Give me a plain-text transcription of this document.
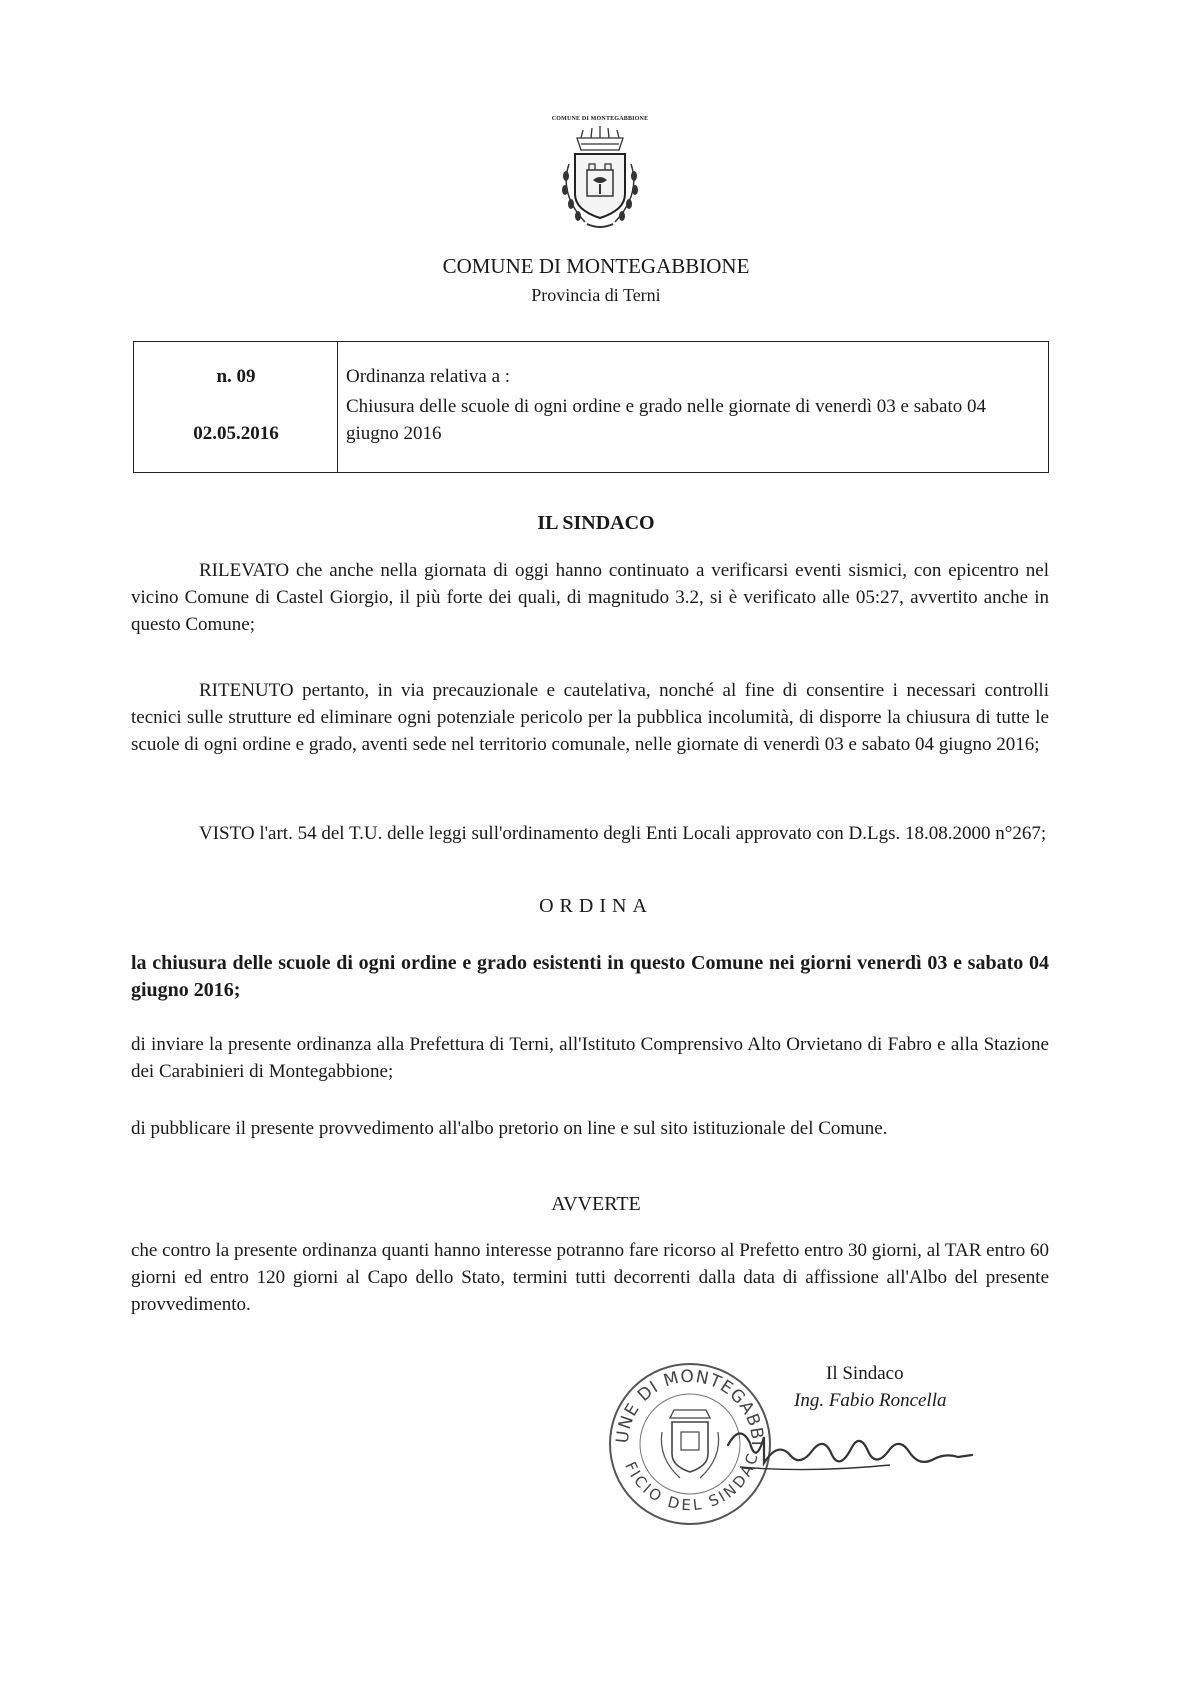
COMUNE DI MONTEGABBIONE
COMUNE DI MONTEGABBIONE
Provincia di Terni
n. 09
02.05.2016
Ordinanza relativa a :
Chiusura delle scuole di ogni ordine e grado nelle giornate di venerdì 03 e sabato 04 giugno 2016
IL SINDACO
RILEVATO che anche nella giornata di oggi hanno continuato a verificarsi eventi sismici, con epicentro nel vicino Comune di Castel Giorgio, il più forte dei quali, di magnitudo 3.2, si è verificato alle 05:27, avvertito anche in questo Comune;
RITENUTO pertanto, in via precauzionale e cautelativa, nonché al fine di consentire i necessari controlli tecnici sulle strutture ed eliminare ogni potenziale pericolo per la pubblica incolumità, di disporre la chiusura di tutte le scuole di ogni ordine e grado, aventi sede nel territorio comunale, nelle giornate di venerdì 03 e sabato 04 giugno 2016;
VISTO l'art. 54 del T.U. delle leggi sull'ordinamento degli Enti Locali approvato con D.Lgs. 18.08.2000 n°267;
ORDINA
la chiusura delle scuole di ogni ordine e grado esistenti in questo Comune nei giorni venerdì 03 e sabato 04 giugno 2016;
di inviare la presente ordinanza alla Prefettura di Terni, all'Istituto Comprensivo Alto Orvietano di Fabro e alla Stazione dei Carabinieri di Montegabbione;
di pubblicare il presente provvedimento all'albo pretorio on line e sul sito istituzionale del Comune.
AVVERTE
che contro la presente ordinanza quanti hanno interesse potranno fare ricorso al Prefetto entro 30 giorni, al TAR entro 60 giorni ed entro 120 giorni al Capo dello Stato, termini tutti decorrenti dalla data di affissione all'Albo del presente provvedimento.
UNE DI MONTEGABBI
FICIO DEL SINDAC
Il Sindaco
Ing. Fabio Roncella
